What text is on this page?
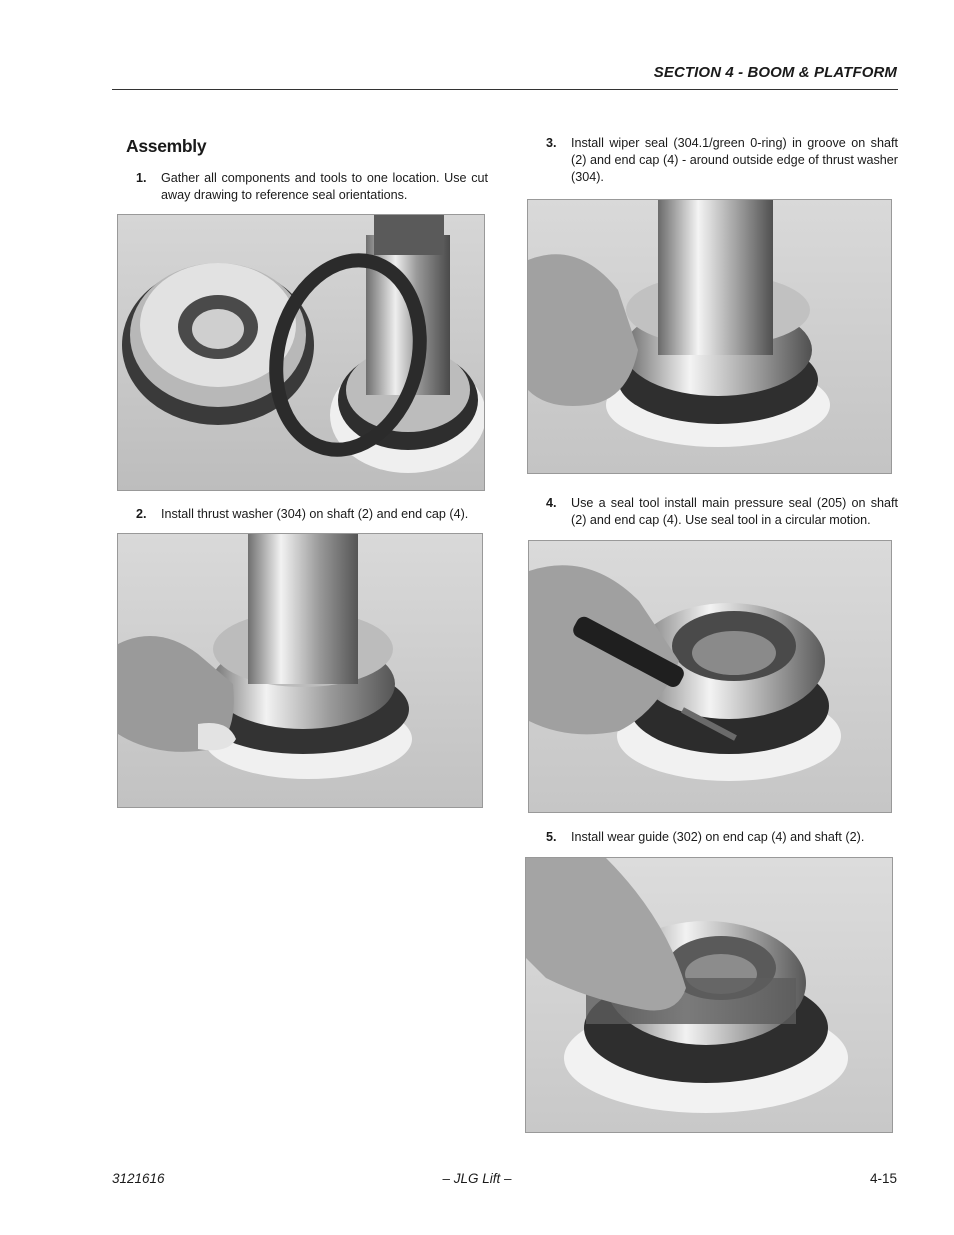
SECTION 4 - BOOM & PLATFORM
Assembly
1. Gather all components and tools to one location. Use cut away drawing to reference seal orientations.
2. Install thrust washer (304) on shaft (2) and end cap (4).
3. Install wiper seal (304.1/green 0-ring) in groove on shaft (2) and end cap (4) - around outside edge of thrust washer (304).
4. Use a seal tool install main pressure seal (205) on shaft (2) and end cap (4). Use seal tool in a circular motion.
5. Install wear guide (302) on end cap (4) and shaft (2).
3121616	– JLG Lift –	4-15
